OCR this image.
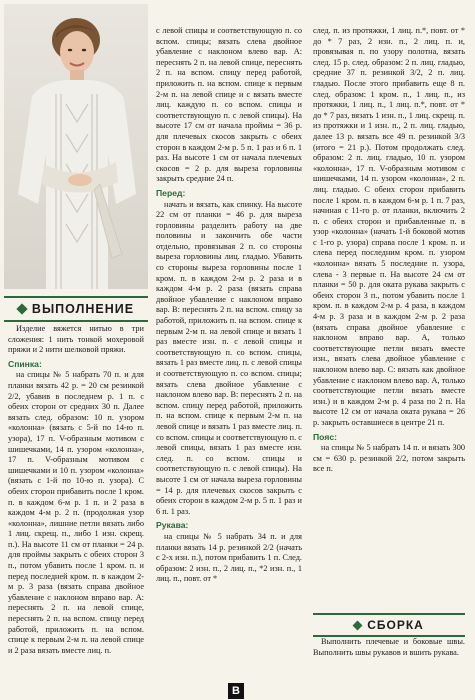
ВЫПОЛНЕНИЕ

Изделие вяжется нитью в три сложения: 1 нить тонкой мохеровой пряжи и 2 нити шелковой пряжи.

Спинка:

на спицы № 5 набрать 70 п. и для планки вязать 42 р. = 20 см резинкой 2/2, убавив в последнем р. 1 п. с обеих сторон от средних 30 п. Далее вязать след. образом: 10 п. узором «колонна» (вязать с 5-й по 14-ю п. узора), 17 п. V-образным мотивом с шишечками, 14 п. узором «колонна», 17 п. V-образным мотивом с шишечками и 10 п. узором «колонна» (вязать с 1-й по 10-ю п. узора). С обеих сторон прибавить после 1 кром. п. в каждом 6-м р. 1 п. и 2 раза в каждом 4-м р. 2 п. (продолжая узор «колонна», лишние петли вязать либо 1 лиц. скрещ. п., либо 1 изн. скрещ. п.). На высоте 11 см от планки = 24 р. для проймы закрыть с обеих сторон 3 п., потом убавить после 1 кром. п. и перед последней кром. п. в каждом 2-м р. 3 раза (вязать справа двойное убавление с наклоном вправо вар. А: переснять 2 п. на левой спице, переснять 2 п. на вспом. спицу перед работой, приложить п. на вспом. спице к первым 2-м п. на левой спице и 2 раза вязать вместе лиц. п.

с левой спицы и соответствующую п. со вспом. спицы; вязать слева двойное убавление с наклоном влево вар. А: переснять 2 п. на левой спице, переснять 2 п. на вспом. спицу перед работой, приложить п. на вспом. спице к первым 2-м п. на левой спице и с вязать вместе лиц. каждую п. со вспом. спицы и соответствующую п. с левой спицы). На высоте 17 см от начала проймы = 36 р. для плечевых скосов закрыть с обеих сторон в каждом 2-м р. 5 п. 1 раз и 6 п. 1 раз. На высоте 1 см от начала плечевых скосов = 2 р. для выреза горловины закрыть средние 24 п.

Перед:

начать и вязать, как спинку. На высоте 22 см от планки = 46 р. для выреза горловины разделить работу на две половины и закончить обе части отдельно, провязывая 2 п. со стороны выреза горловины лиц. гладью. Убавить со стороны выреза горловины после 1 кром. п. в каждом 2-м р. 2 раза и в каждом 4-м р. 2 раза (вязать справа двойное убавление с наклоном вправо вар. В: переснять 2 п. на вспом. спицу за работой, приложить п. на вспом. спице к первым 2-м п. на левой спице и вязать 1 раз вместе изн. п. с левой спицы и соответствующую п. со вспом. спицы, вязать 1 раз вместе лиц. п. с левой спицы и соответствующую п. со вспом. спицы; вязать слева двойное убавление с наклоном влево вар. В: переснять 2 п. на вспом. спицу перед работой, приложить п. на вспом. спице к первым 2-м п. на левой спице и вязать 1 раз вместе лиц. п. со вспом. спицы и соответствующую п. с левой спицы, вязать 1 раз вместе изн. след. п. со вспом. спицы и соответствующую п. с левой спицы). На высоте 1 см от начала выреза горловины = 14 р. для плечевых скосов закрыть с обеих сторон в каждом 2-м р. 5 п. 1 раз и 6 п. 1 раз.

Рукава:

на спицы № 5 набрать 34 п. и для планки вязать 14 р. резинкой 2/2 (начать с 2-х изн. п.), потом прибавить 1 п. След. образом: 2 изн. п., 2 лиц. п., *2 изн. п., 1 лиц. п., повт. от *

след. п. из протяжки, 1 лиц. п.*, повт. от * до * 7 раз, 2 изн. п., 2 лиц. п. и, провязывая п. по узору полотна, вязать след. 15 р. след. образом: 2 п. лиц. гладью, средние 37 п. резинкой 3/2, 2 п. лиц. гладью. После этого прибавить еще 8 п. след. образом: 1 кром. п., 1 лиц. п., из протяжки, 1 лиц. п., 1 лиц. п.*, повт. от * до * 7 раз, вязать 1 изн. п., 1 лиц. скрещ. п. из протяжки и 1 изн. п., 2 п. лиц. гладью, далее 13 р. вязать все 49 п. резинкой 3/3 (итого = 21 р.). Потом продолжать след. образом: 2 п. лиц. гладью, 10 п. узором «колонна», 17 п. V-образным мотивом с шишечками, 14 п. узором «колонна», 2 п. лиц. гладью. С обеих сторон прибавить после 1 кром. п. в каждом 6-м р. 1 п. 7 раз, начиная с 11-го р. от планки, включить 2 п. с обеих сторон и прибавленные п. в узор «колонна» (начать 1-й боковой мотив с 1-го р. узора) справа после 1 кром. п. и слева перед последним кром. п. узором «колонна» вязать 5 последние п. узора, слева - 3 первые п. На высоте 24 см от планки = 50 р. для оката рукава закрыть с обеих сторон 3 п., потом убавить после 1 кром. п. в каждом 2-м р. 4 раза, в каждом 4-м р. 3 раза и в каждом 2-м р. 2 раза (вязать справа двойное убавление с наклоном вправо вар. А, только соответствующие петли вязать вместе изн., вязать слева двойное убавление с наклоном влево вар. С: вязать как двойное убавление с наклоном влево вар. А, только соответствующие петли вязать вместе изн.) и в каждом 2-м р. 4 раза по 2 п. На высоте 12 см от начала оката рукава = 26 р. закрыть оставшиеся в центре 21 п.

Пояс:

на спицы № 5 набрать 14 п. и вязать 300 см = 630 р. резинкой 2/2, потом закрыть все п.

СБОРКА

Выполнить плечевые и боковые швы. Выполнить швы рукавов и вшить рукава.

В
